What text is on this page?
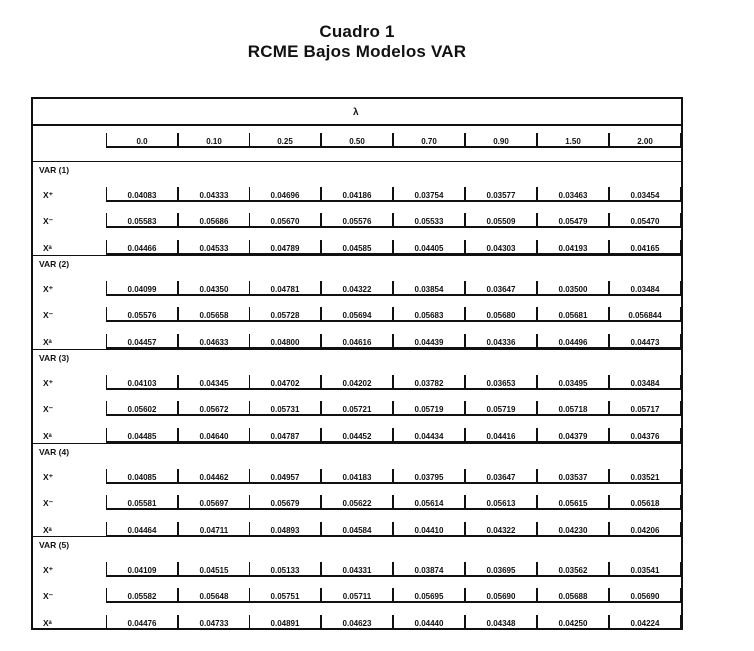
Cuadro 1
RCME Bajos Modelos VAR
λ
0.0	0.10	0.25	0.50	0.70	0.90	1.50	2.00
VAR (1)
X⁺	0.04083	0.04333	0.04696	0.04186	0.03754	0.03577	0.03463	0.03454
X⁻	0.05583	0.05686	0.05670	0.05576	0.05533	0.05509	0.05479	0.05470
Xᵃ	0.04466	0.04533	0.04789	0.04585	0.04405	0.04303	0.04193	0.04165
VAR (2)
X⁺	0.04099	0.04350	0.04781	0.04322	0.03854	0.03647	0.03500	0.03484
X⁻	0.05576	0.05658	0.05728	0.05694	0.05683	0.05680	0.05681	0.056844
Xᵃ	0.04457	0.04633	0.04800	0.04616	0.04439	0.04336	0.04496	0.04473
VAR (3)
X⁺	0.04103	0.04345	0.04702	0.04202	0.03782	0.03653	0.03495	0.03484
X⁻	0.05602	0.05672	0.05731	0.05721	0.05719	0.05719	0.05718	0.05717
Xᵃ	0.04485	0.04640	0.04787	0.04452	0.04434	0.04416	0.04379	0.04376
VAR (4)
X⁺	0.04085	0.04462	0.04957	0.04183	0.03795	0.03647	0.03537	0.03521
X⁻	0.05581	0.05697	0.05679	0.05622	0.05614	0.05613	0.05615	0.05618
Xᵃ	0.04464	0.04711	0.04893	0.04584	0.04410	0.04322	0.04230	0.04206
VAR (5)
X⁺	0.04109	0.04515	0.05133	0.04331	0.03874	0.03695	0.03562	0.03541
X⁻	0.05582	0.05648	0.05751	0.05711	0.05695	0.05690	0.05688	0.05690
Xᵃ	0.04476	0.04733	0.04891	0.04623	0.04440	0.04348	0.04250	0.04224
